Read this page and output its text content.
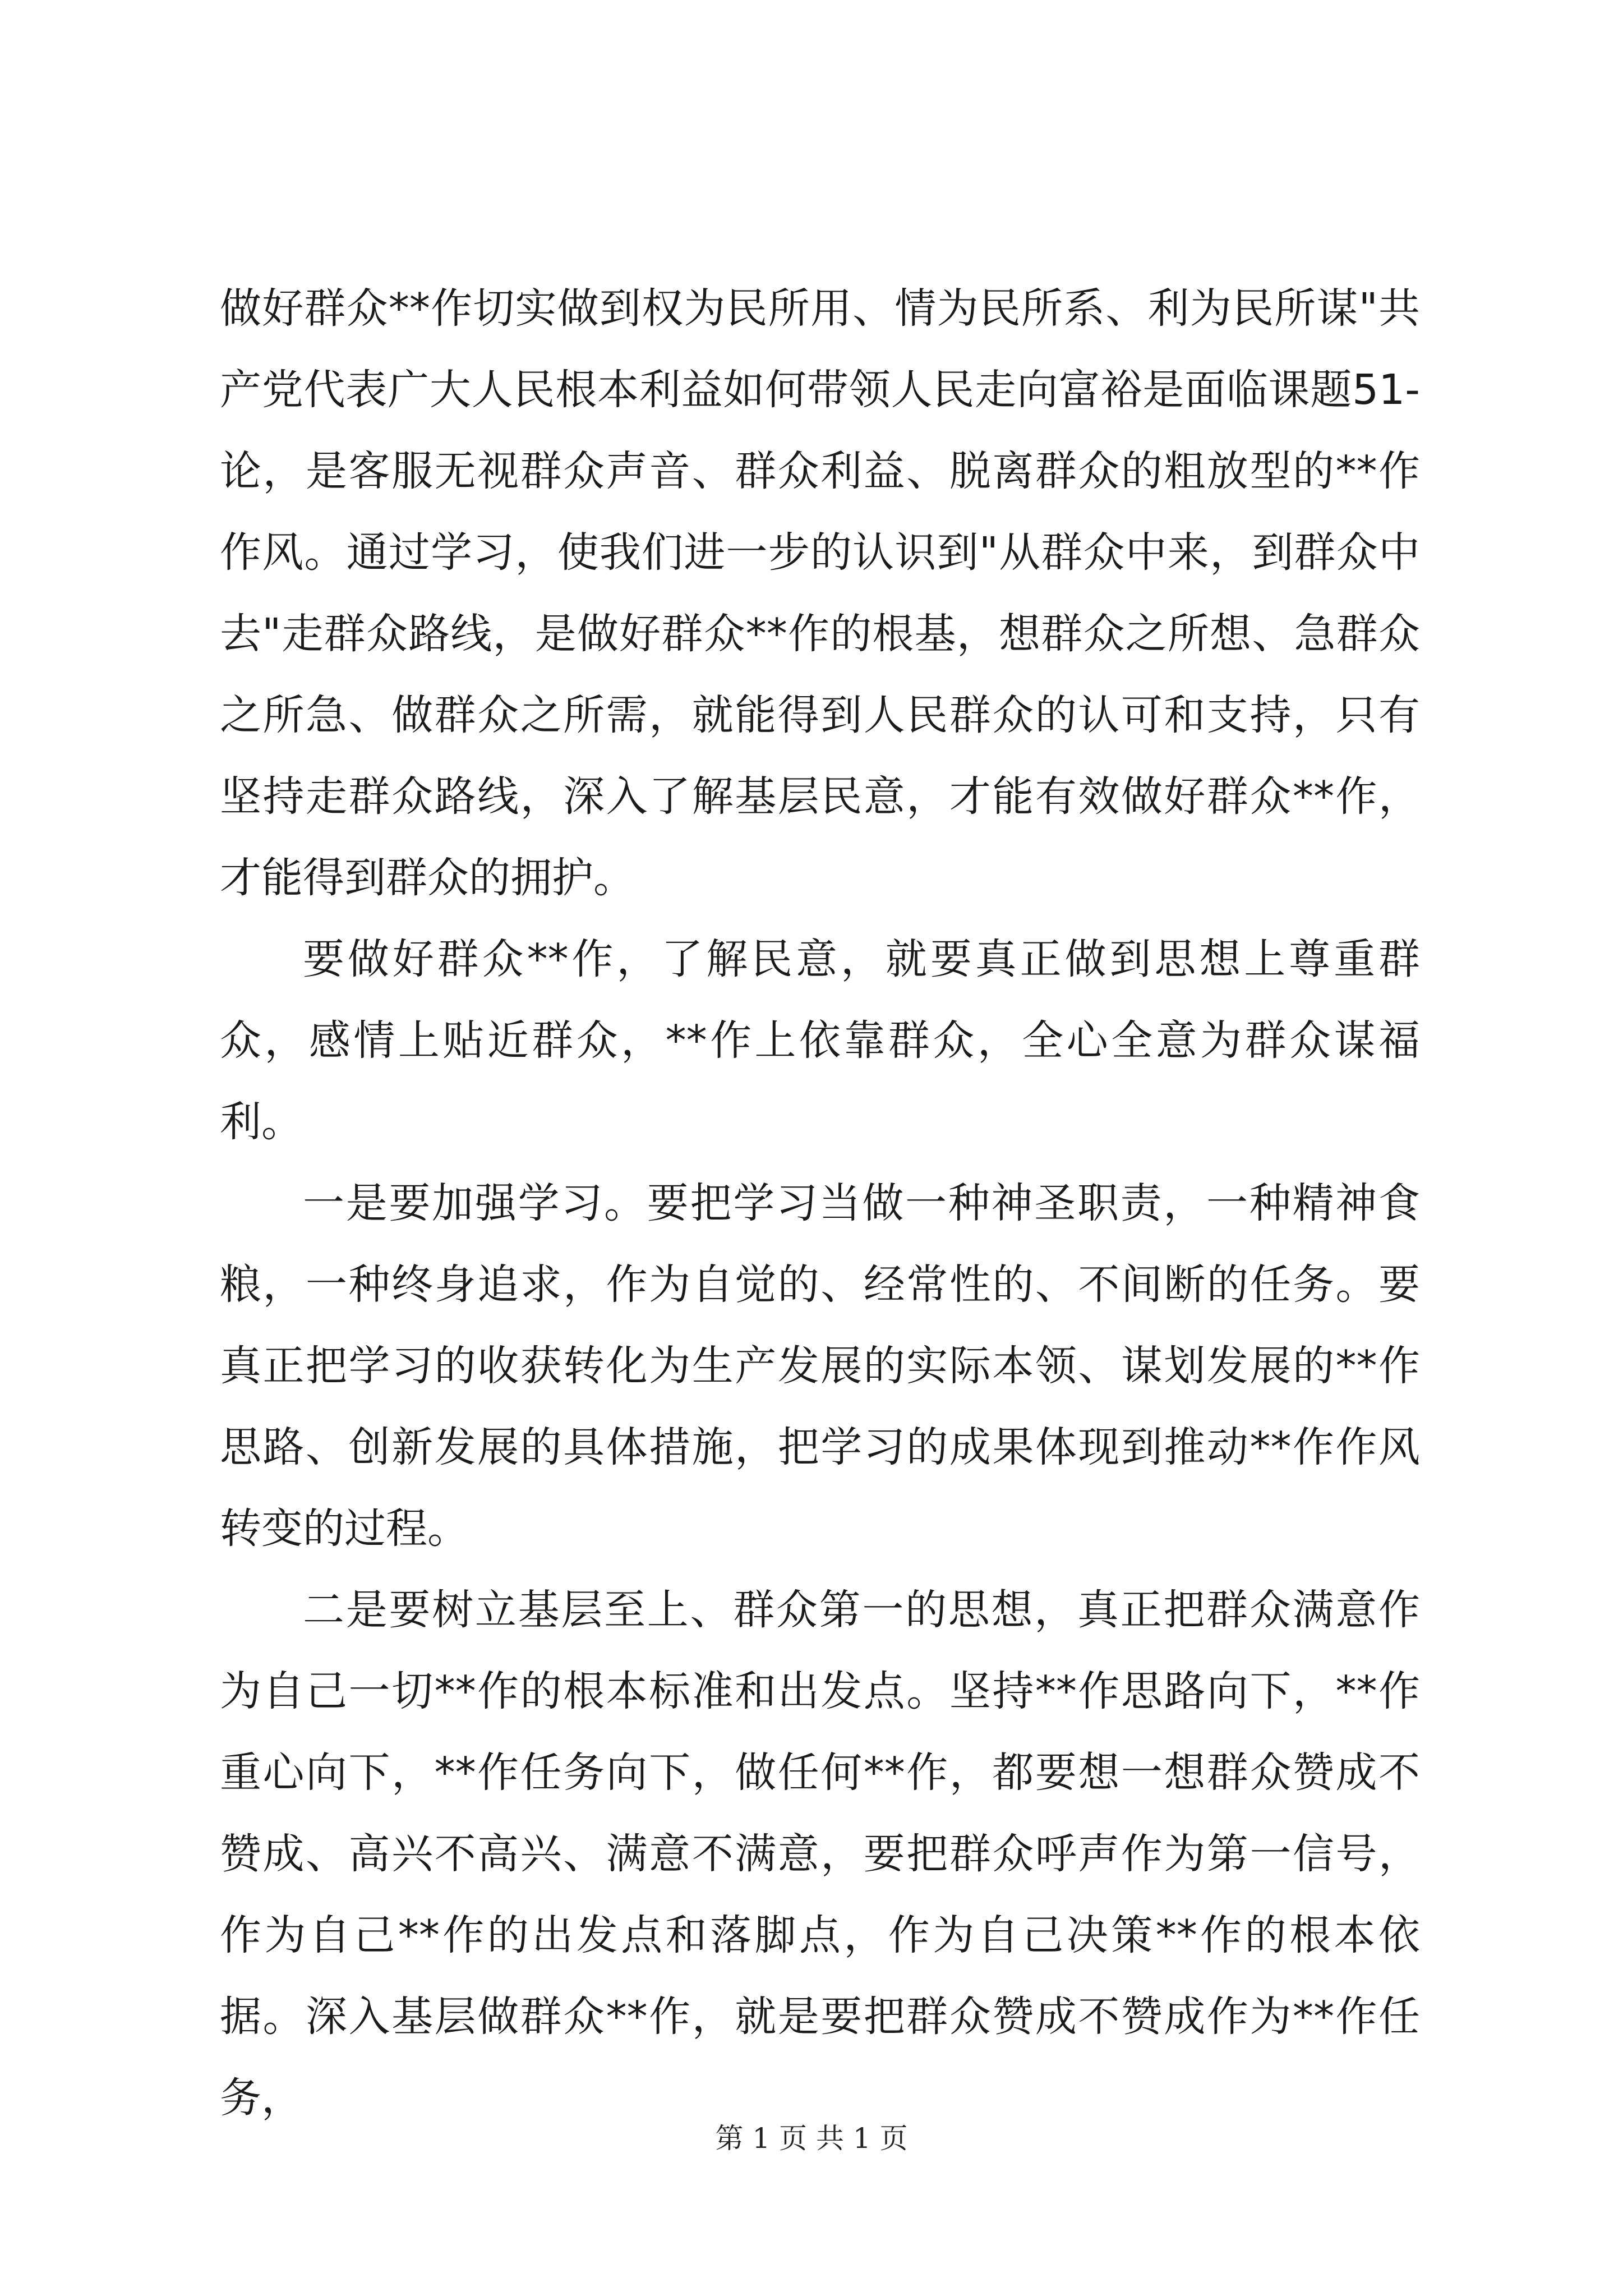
做好群众**作切实做到权为民所用、情为民所系、利为民所谋"共产党代表广大人民根本利益如何带领人民走向富裕是面临课题51-论，是客服无视群众声音、群众利益、脱离群众的粗放型的**作作风。通过学习，使我们进一步的认识到"从群众中来，到群众中去"走群众路线，是做好群众**作的根基，想群众之所想、急群众之所急、做群众之所需，就能得到人民群众的认可和支持，只有坚持走群众路线，深入了解基层民意，才能有效做好群众**作，才能得到群众的拥护。

要做好群众**作，了解民意，就要真正做到思想上尊重群众，感情上贴近群众，**作上依靠群众，全心全意为群众谋福利。

一是要加强学习。要把学习当做一种神圣职责，一种精神食粮，一种终身追求，作为自觉的、经常性的、不间断的任务。要真正把学习的收获转化为生产发展的实际本领、谋划发展的**作思路、创新发展的具体措施，把学习的成果体现到推动**作作风转变的过程。

二是要树立基层至上、群众第一的思想，真正把群众满意作为自己一切**作的根本标准和出发点。坚持**作思路向下，**作重心向下，**作任务向下，做任何**作，都要想一想群众赞成不赞成、高兴不高兴、满意不满意，要把群众呼声作为第一信号，作为自己**作的出发点和落脚点，作为自己决策**作的根本依据。深入基层做群众**作，就是要把群众赞成不赞成作为**作任务，

第 1 页 共 1 页
